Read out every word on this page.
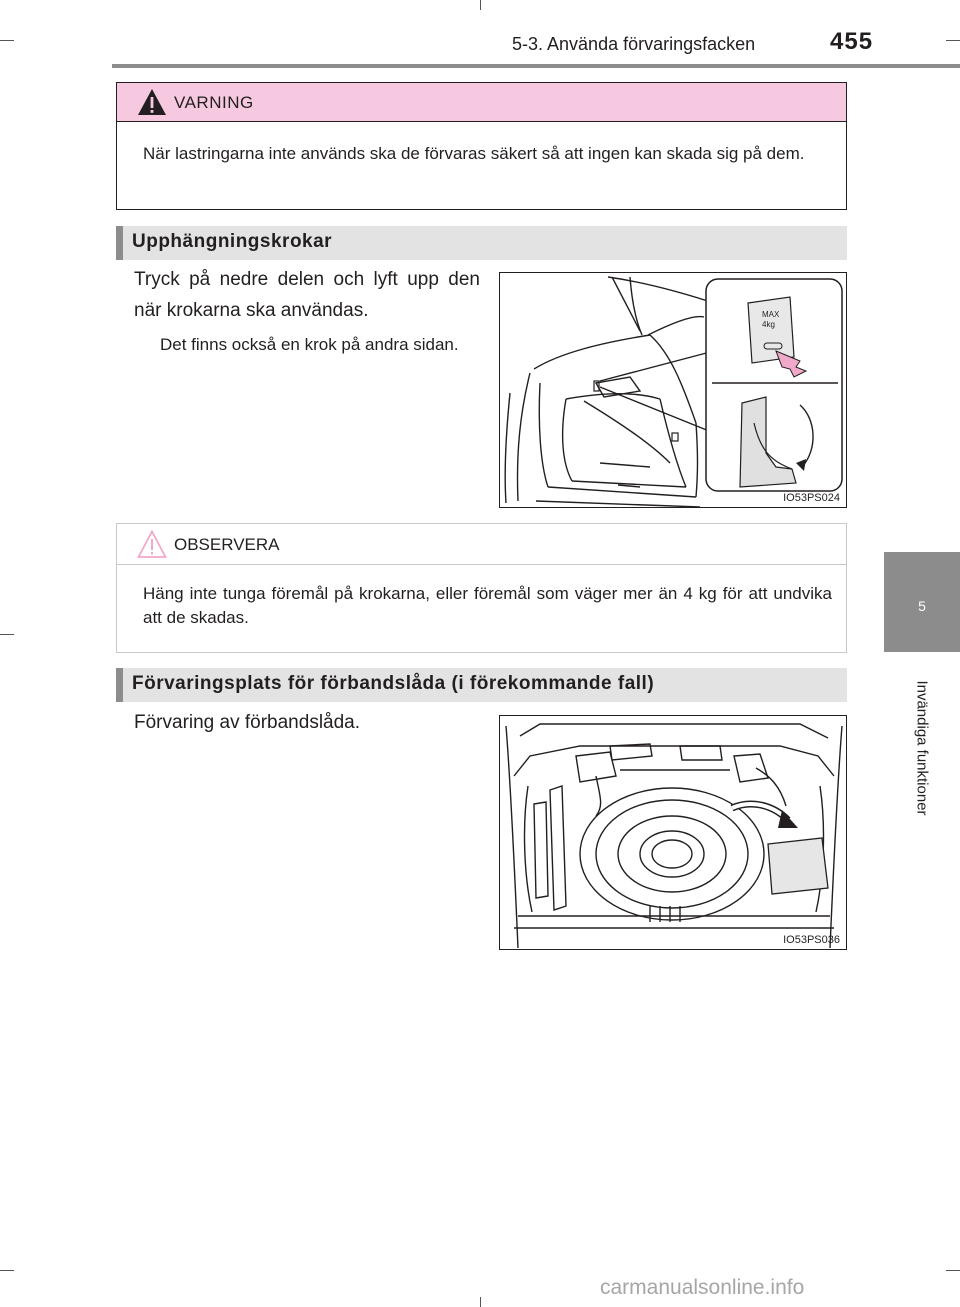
5-3. Använda förvaringsfacken	455
5
Invändiga funktioner
VARNING
När lastringarna inte används ska de förvaras säkert så att ingen kan skada sig på dem.
Upphängningskrokar
Tryck på nedre delen och lyft upp den när krokarna ska användas.
Det finns också en krok på andra sidan.
MAX
4kg
IO53PS024
OBSERVERA
Häng inte tunga föremål på krokarna, eller föremål som väger mer än 4 kg för att undvika att de skadas.
Förvaringsplats för förbandslåda (i förekommande fall)
Förvaring av förbandslåda.
IO53PS036
carmanualsonline.info
